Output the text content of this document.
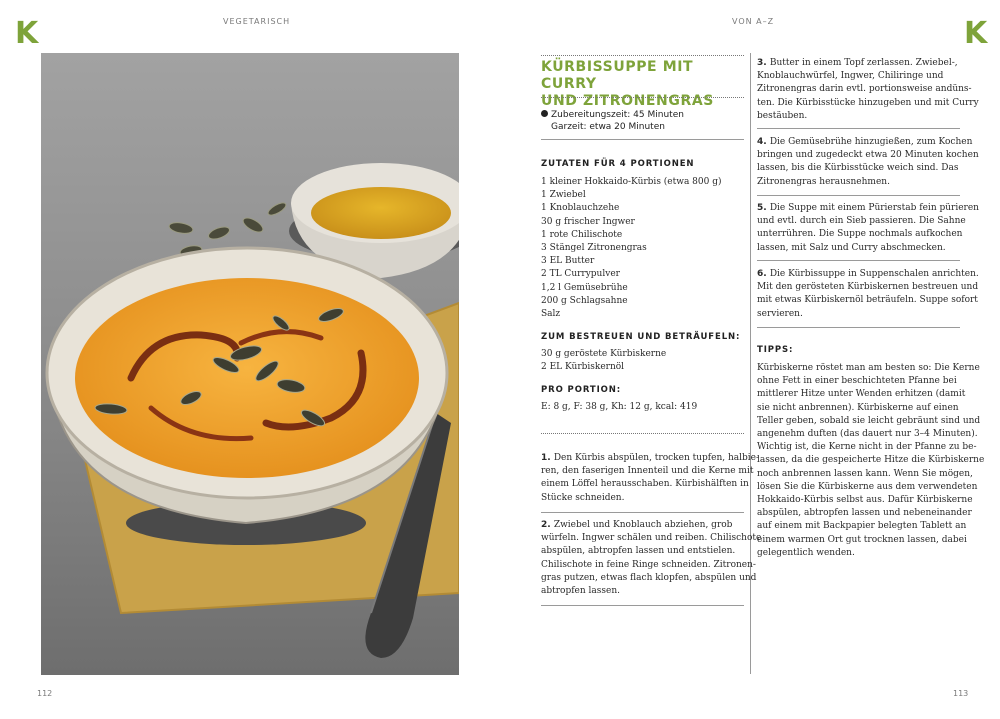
K	VEGETARISCH	VON A–Z	K
KÜRBISSUPPE MIT CURRY
UND ZITRONENGRAS
Zubereitungszeit: 45 Minuten
Garzeit: etwa 20 Minuten
ZUTATEN FÜR 4 PORTIONEN
1 kleiner Hokkaido-Kürbis (etwa 800 g)
1 Zwiebel
1 Knoblauchzehe
30 g frischer Ingwer
1 rote Chilischote
3 Stängel Zitronengras
3 EL Butter
2 TL Currypulver
1,2 l Gemüsebrühe
200 g Schlagsahne
Salz
ZUM BESTREUEN UND BETRÄUFELN:
30 g geröstete Kürbiskerne
2 EL Kürbiskernöl
PRO PORTION:
E: 8 g, F: 38 g, Kh: 12 g, kcal: 419
1. Den Kürbis abspülen, trocken tupfen, halbie-
ren, den faserigen Innenteil und die Kerne mit
einem Löffel herausschaben. Kürbishälften in
Stücke schneiden.
2. Zwiebel und Knoblauch abziehen, grob
würfeln. Ingwer schälen und reiben. Chilischote
abspülen, abtropfen lassen und entstielen.
Chilischote in feine Ringe schneiden. Zitronen-
gras putzen, etwas flach klopfen, abspülen und
abtropfen lassen.
3. Butter in einem Topf zerlassen. Zwiebel-,
Knoblauchwürfel, Ingwer, Chiliringe und
Zitronengras darin evtl. portionsweise andüns-
ten. Die Kürbisstücke hinzugeben und mit Curry
bestäuben.
4. Die Gemüsebrühe hinzugießen, zum Kochen
bringen und zugedeckt etwa 20 Minuten kochen
lassen, bis die Kürbisstücke weich sind. Das
Zitronengras herausnehmen.
5. Die Suppe mit einem Pürierstab fein pürieren
und evtl. durch ein Sieb passieren. Die Sahne
unterrühren. Die Suppe nochmals aufkochen
lassen, mit Salz und Curry abschmecken.
6. Die Kürbissuppe in Suppenschalen anrichten.
Mit den gerösteten Kürbiskernen bestreuen und
mit etwas Kürbiskernöl beträufeln. Suppe sofort
servieren.
TIPPS:
Kürbiskerne röstet man am besten so: Die Kerne
ohne Fett in einer beschichteten Pfanne bei
mittlerer Hitze unter Wenden erhitzen (damit
sie nicht anbrennen). Kürbiskerne auf einen
Teller geben, sobald sie leicht gebräunt sind und
angenehm duften (das dauert nur 3–4 Minuten).
Wichtig ist, die Kerne nicht in der Pfanne zu be-
lassen, da die gespeicherte Hitze die Kürbiskerne
noch anbrennen lassen kann. Wenn Sie mögen,
lösen Sie die Kürbiskerne aus dem verwendeten
Hokkaido-Kürbis selbst aus. Dafür Kürbiskerne
abspülen, abtropfen lassen und nebeneinander
auf einem mit Backpapier belegten Tablett an
einem warmen Ort gut trocknen lassen, dabei
gelegentlich wenden.
112	113
